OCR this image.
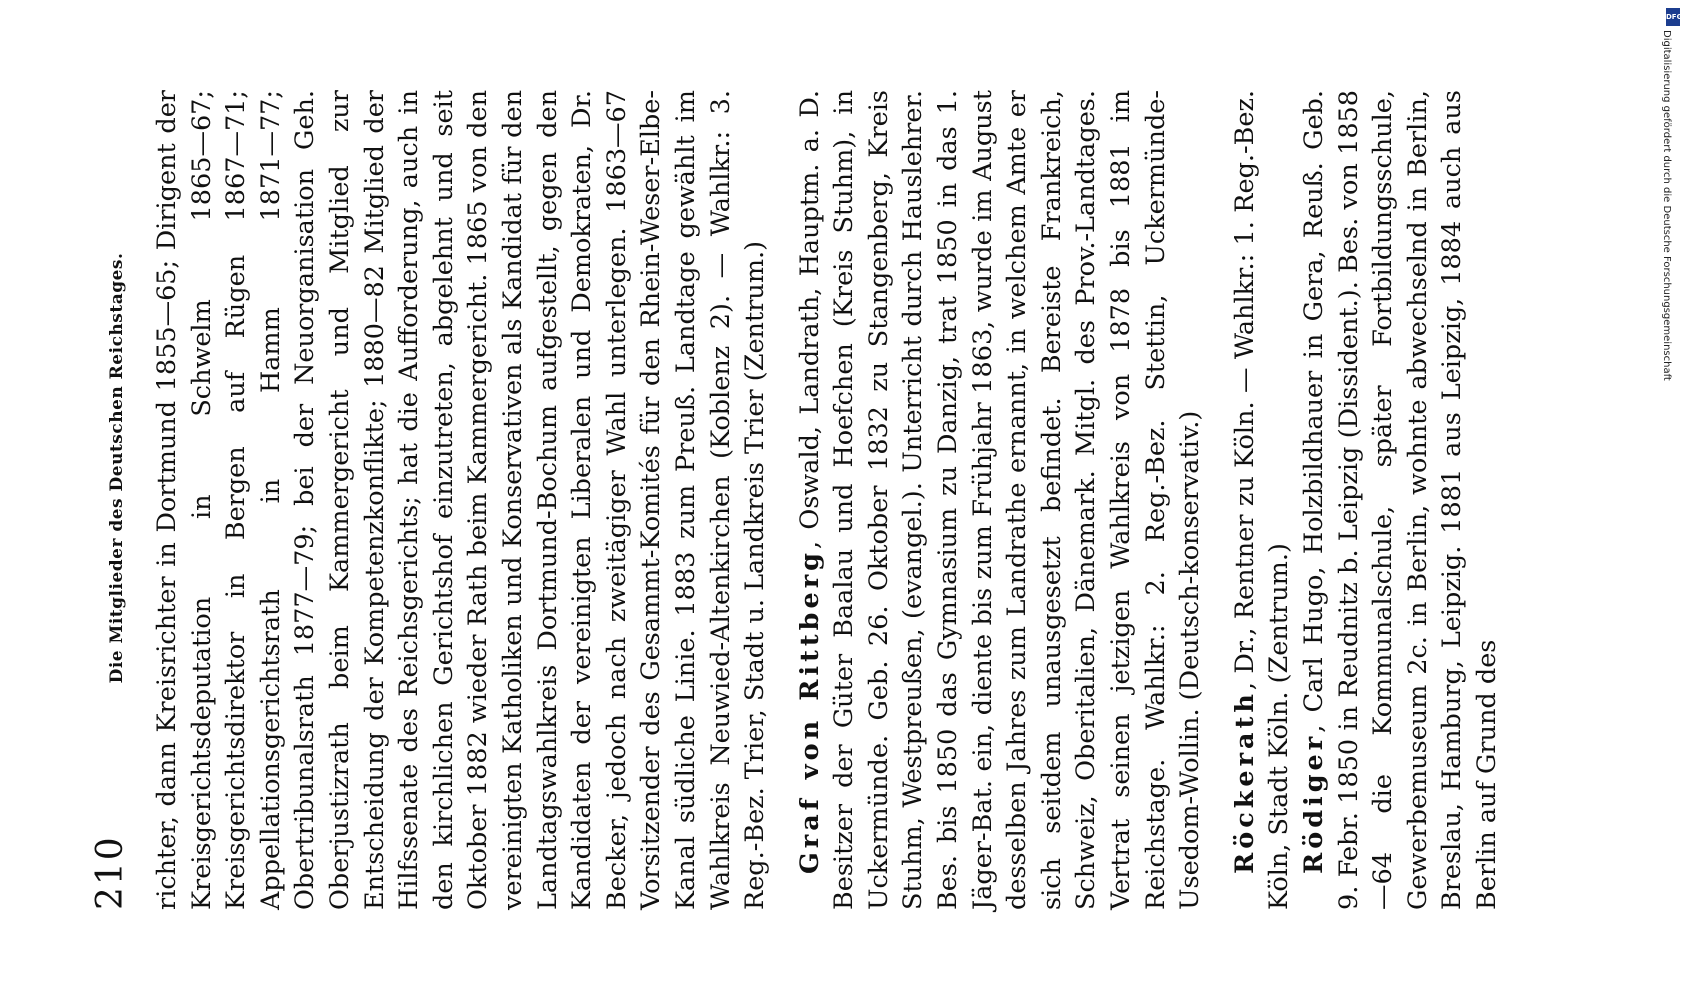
210
Die Mitglieder des Deutschen Reichstages. richter, dann Kreisrichter in Dortmund 1855—65; Dirigent der Kreisgerichtsdeputation in Schwelm 1865—67; Kreisgerichtsdirektor in Bergen auf Rügen 1867—71; Appellationsgerichtsrath in Hamm 1871—77; Obertribunalsrath 1877—79; bei der Neuorganisation Geh. Oberjustizrath beim Kammergericht und Mitglied zur Entscheidung der Kompetenzkonflikte; 1880—82 Mitglied der Hilfssenate des Reichsgerichts; hat die Aufforderung, auch in den kirchlichen Gerichtshof einzutreten, abgelehnt und seit Oktober 1882 wieder Rath beim Kammergericht. 1865 von den vereinigten Katholiken und Konservativen als Kandidat für den Landtagswahlkreis Dortmund-Bochum aufgestellt, gegen den Kandidaten der vereinigten Liberalen und Demokraten, Dr. Becker, jedoch nach zweitägiger Wahl unterlegen. 1863—67 Vorsitzender des Gesammt-Komités für den Rhein-Weser-Elbe-Kanal südliche Linie. 1883 zum Preuß. Landtage gewählt im Wahlkreis Neuwied-Altenkirchen (Koblenz 2). — Wahlkr.: 3. Reg.-Bez. Trier, Stadt u. Landkreis Trier (Zentrum.) Graf von Rittberg, Oswald, Landrath, Hauptm. a. D. Besitzer der Güter Baalau und Hoefchen (Kreis Stuhm), in Uckermünde. Geb. 26. Oktober 1832 zu Stangenberg, Kreis Stuhm, Westpreußen, (evangel.). Unterricht durch Hauslehrer. Bes. bis 1850 das Gymnasium zu Danzig, trat 1850 in das 1. Jäger-Bat. ein, diente bis zum Frühjahr 1863, wurde im August desselben Jahres zum Landrathe ernannt, in welchem Amte er sich seitdem unausgesetzt befindet. Bereiste Frankreich, Schweiz, Oberitalien, Dänemark. Mitgl. des Prov.-Landtages. Vertrat seinen jetzigen Wahlkreis von 1878 bis 1881 im Reichstage. Wahlkr.: 2. Reg.-Bez. Stettin, Uckermünde-Usedom-Wollin. (Deutsch-konservativ.) Röckerath, Dr., Rentner zu Köln. — Wahlkr.: 1. Reg.-Bez. Köln, Stadt Köln. (Zentrum.) Rödiger, Carl Hugo, Holzbildhauer in Gera, Reuß. Geb. 9. Febr. 1850 in Reudnitz b. Leipzig (Dissident.). Bes. von 1858—64 die Kommunalschule, später Fortbildungsschule, Gewerbemuseum 2c. in Berlin, wohnte abwechselnd in Berlin, Breslau, Hamburg, Leipzig. 1881 aus Leipzig, 1884 auch aus Berlin auf Grund des

DFG
Digitalisierung gefördert durch die Deutsche Forschungsgemeinschaft
